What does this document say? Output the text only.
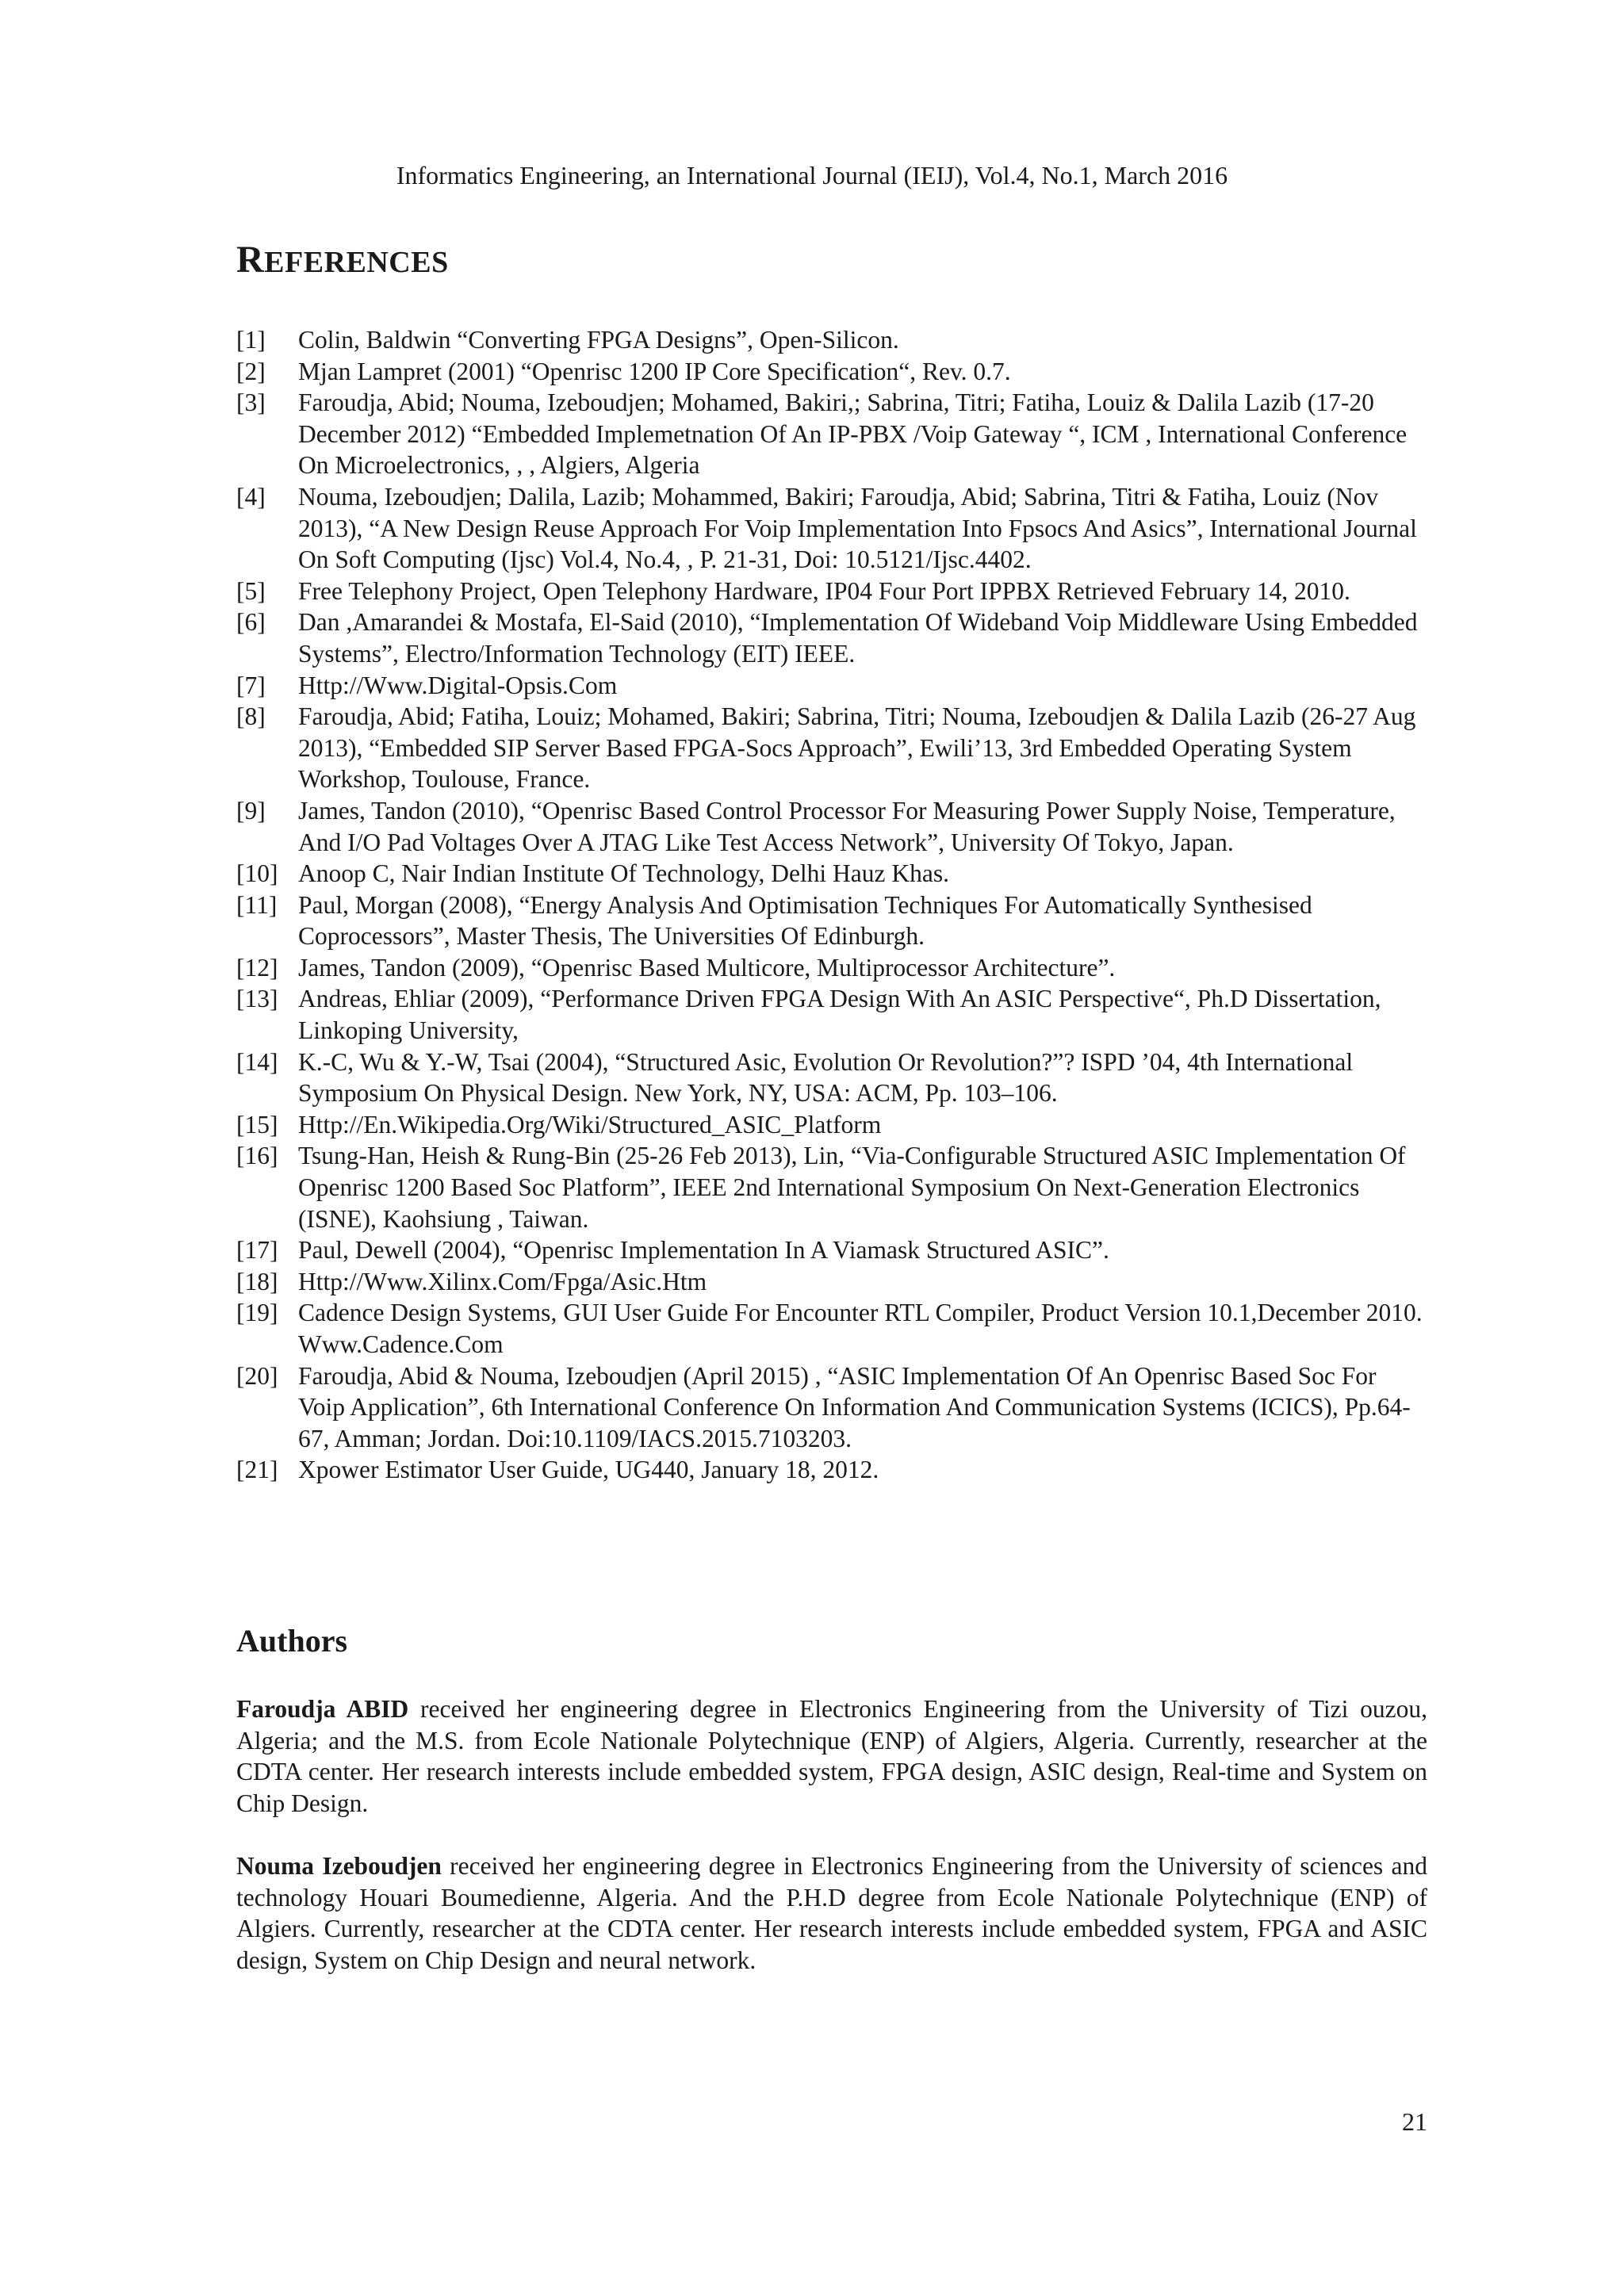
Informatics Engineering, an International Journal (IEIJ), Vol.4, No.1, March 2016
REFERENCES
[1]	Colin, Baldwin “Converting FPGA Designs”, Open-Silicon.
[2]	Mjan Lampret (2001) “Openrisc 1200 IP Core Specification“, Rev. 0.7.
[3]	Faroudja, Abid; Nouma, Izeboudjen; Mohamed, Bakiri,; Sabrina, Titri; Fatiha, Louiz & Dalila Lazib (17-20 December 2012) “Embedded Implemetnation Of An IP-PBX /Voip Gateway “, ICM , International Conference On Microelectronics, , , Algiers, Algeria
[4]	Nouma, Izeboudjen; Dalila, Lazib; Mohammed, Bakiri; Faroudja, Abid; Sabrina, Titri & Fatiha, Louiz (Nov 2013), “A New Design Reuse Approach For Voip Implementation Into Fpsocs And Asics”, International Journal On Soft Computing (Ijsc) Vol.4, No.4, , P. 21-31, Doi: 10.5121/Ijsc.4402.
[5]	Free Telephony Project, Open Telephony Hardware, IP04 Four Port IPPBX Retrieved February 14, 2010.
[6]	Dan ,Amarandei & Mostafa, El-Said (2010), “Implementation Of Wideband Voip Middleware Using Embedded Systems”, Electro/Information Technology (EIT) IEEE.
[7]	Http://Www.Digital-Opsis.Com
[8]	Faroudja, Abid; Fatiha, Louiz; Mohamed, Bakiri; Sabrina, Titri; Nouma, Izeboudjen & Dalila Lazib (26-27 Aug 2013), “Embedded SIP Server Based FPGA-Socs Approach”, Ewili’13, 3rd Embedded Operating System Workshop, Toulouse, France.
[9]	James, Tandon (2010), “Openrisc Based Control Processor For Measuring Power Supply Noise, Temperature, And I/O Pad Voltages Over A JTAG Like Test Access Network”, University Of Tokyo, Japan.
[10] Anoop C, Nair Indian Institute Of Technology, Delhi Hauz Khas.
[11] Paul, Morgan (2008), “Energy Analysis And Optimisation Techniques For Automatically Synthesised Coprocessors”, Master Thesis, The Universities Of Edinburgh.
[12] James, Tandon (2009), “Openrisc Based Multicore, Multiprocessor Architecture”.
[13] Andreas, Ehliar (2009), “Performance Driven FPGA Design With An ASIC Perspective“, Ph.D Dissertation, Linkoping University,
[14] K.-C, Wu & Y.-W, Tsai (2004), “Structured Asic, Evolution Or Revolution?”? ISPD ’04, 4th International Symposium On Physical Design. New York, NY, USA: ACM, Pp. 103–106.
[15] Http://En.Wikipedia.Org/Wiki/Structured_ASIC_Platform
[16] Tsung-Han, Heish & Rung-Bin (25-26 Feb 2013), Lin, “Via-Configurable Structured ASIC Implementation Of Openrisc 1200 Based Soc Platform”, IEEE 2nd International Symposium On Next-Generation Electronics (ISNE), Kaohsiung , Taiwan.
[17] Paul, Dewell (2004), “Openrisc Implementation In A Viamask Structured ASIC”.
[18] Http://Www.Xilinx.Com/Fpga/Asic.Htm
[19] Cadence Design Systems, GUI User Guide For Encounter RTL Compiler, Product Version 10.1,December 2010. Www.Cadence.Com
[20] Faroudja, Abid & Nouma, Izeboudjen (April 2015) , “ASIC Implementation Of An Openrisc Based Soc For Voip Application”, 6th International Conference On Information And Communication Systems (ICICS), Pp.64-67, Amman; Jordan. Doi:10.1109/IACS.2015.7103203.
[21] Xpower Estimator User Guide, UG440, January 18, 2012.
Authors

Faroudja ABID received her engineering degree in Electronics Engineering from the University of Tizi ouzou, Algeria; and the M.S. from Ecole Nationale Polytechnique (ENP) of Algiers, Algeria. Currently, researcher at the CDTA center. Her research interests include embedded system, FPGA design, ASIC design, Real-time and System on Chip Design.

Nouma Izeboudjen received her engineering degree in Electronics Engineering from the University of sciences and technology Houari Boumedienne, Algeria. And the P.H.D degree from Ecole Nationale Polytechnique (ENP) of Algiers. Currently, researcher at the CDTA center. Her research interests include embedded system, FPGA and ASIC design, System on Chip Design and neural network.

21
